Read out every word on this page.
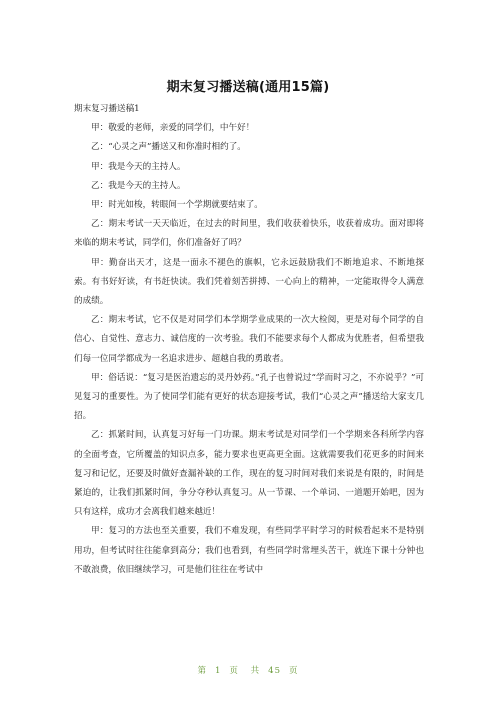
期末复习播送稿(通用15篇)

期末复习播送稿1

甲：敬爱的老师，亲爱的同学们，中午好！

乙：“心灵之声”播送又和你准时相约了。

甲：我是今天的主持人。

乙：我是今天的主持人。

甲：时光如梭，转眼间一个学期就要结束了。

乙：期末考试一天天临近，在过去的时间里，我们收获着快乐，收获着成功。面对即将来临的期末考试，同学们，你们准备好了吗？

甲：勤奋出天才，这是一面永不褪色的旗帜，它永远鼓励我们不断地追求、不断地探索。有书好好读，有书赶快读。我们凭着刻苦拼搏、一心向上的精神，一定能取得令人满意的成绩。

乙：期末考试，它不仅是对同学们本学期学业成果的一次大检阅，更是对每个同学的自信心、自觉性、意志力、诚信度的一次考验。我们不能要求每个人都成为优胜者，但希望我们每一位同学都成为一名追求进步、超越自我的勇敢者。

甲：俗话说：“复习是医治遗忘的灵丹妙药。”孔子也曾说过“学而时习之，不亦说乎？”可见复习的重要性。为了使同学们能有更好的状态迎接考试，我们“心灵之声”播送给大家支几招。

乙：抓紧时间，认真复习好每一门功课。期末考试是对同学们一个学期来各科所学内容的全面考查，它所覆盖的知识点多，能力要求也更高更全面。这就需要我们花更多的时间来复习和记忆，还要及时做好查漏补缺的工作，现在的复习时间对我们来说是有限的，时间是紧迫的，让我们抓紧时间，争分夺秒认真复习。从一节课、一个单词、一道题开始吧，因为只有这样，成功才会离我们越来越近！

甲：复习的方法也至关重要，我们不难发现，有些同学平时学习的时候看起来不是特别用功，但考试时往往能拿到高分；我们也看到，有些同学时常埋头苦干，就连下课十分钟也不敢浪费，依旧继续学习，可是他们往往在考试中

第 1 页 共 45 页
